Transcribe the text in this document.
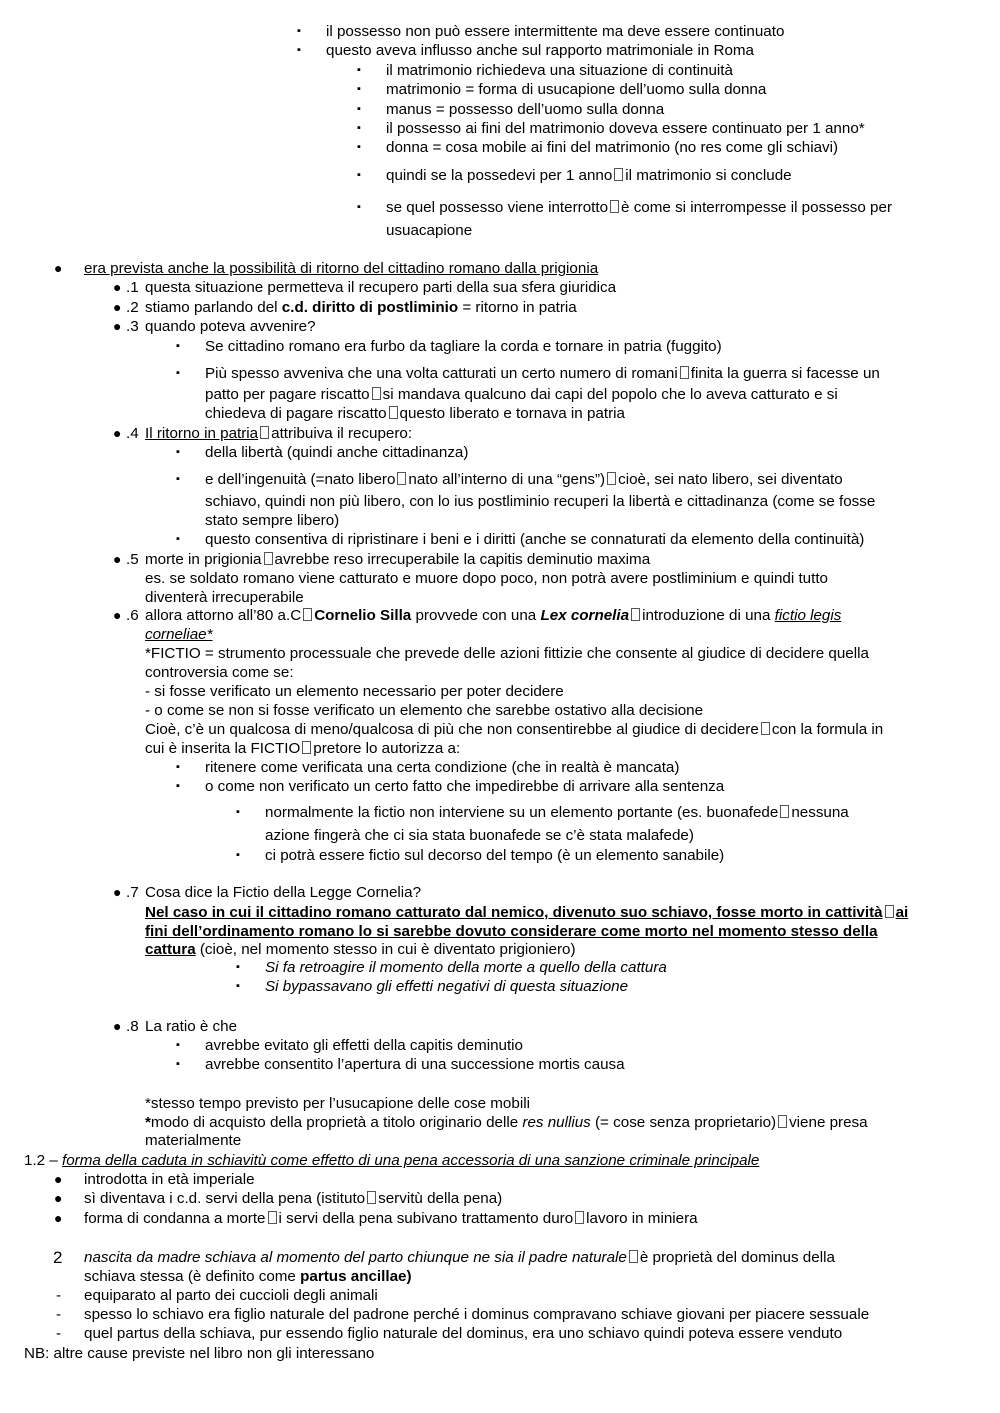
▪ il possesso non può essere intermittente ma deve essere continuato
▪ questo aveva influsso anche sul rapporto matrimoniale in Roma
▪ il matrimonio richiedeva una situazione di continuità
▪ matrimonio = forma di usucapione dell’uomo sulla donna
▪ manus = possesso dell’uomo sulla donna
▪ il possesso ai fini del matrimonio doveva essere continuato per 1 anno*
▪ donna = cosa mobile ai fini del matrimonio (no res come gli schiavi)
▪ quindi se la possedevi per 1 anno il matrimonio si conclude
▪ se quel possesso viene interrotto è come si interrompesse il possesso per
usuacapione
● era prevista anche la possibilità di ritorno del cittadino romano dalla prigionia
● .1 questa situazione permetteva il recupero parti della sua sfera giuridica
● .2 stiamo parlando del c.d. diritto di postliminio = ritorno in patria
● .3 quando poteva avvenire?
▪ Se cittadino romano era furbo da tagliare la corda e tornare in patria (fuggito)
▪ Più spesso avveniva che una volta catturati un certo numero di romani finita la guerra si facesse un
patto per pagare riscatto si mandava qualcuno dai capi del popolo che lo aveva catturato e si
chiedeva di pagare riscatto questo liberato e tornava in patria
● .4 Il ritorno in patria attribuiva il recupero:
▪ della libertà (quindi anche cittadinanza)
▪ e dell’ingenuità (=nato libero nato all’interno di una “gens”) cioè, sei nato libero, sei diventato
schiavo, quindi non più libero, con lo ius postliminio recuperi la libertà e cittadinanza (come se fosse
stato sempre libero)
▪ questo consentiva di ripristinare i beni e i diritti (anche se connaturati da elemento della continuità)
● .5 morte in prigionia avrebbe reso irrecuperabile la capitis deminutio maxima
es. se soldato romano viene catturato e muore dopo poco, non potrà avere postliminium e quindi tutto
diventerà irrecuperabile
● .6 allora attorno all’80 a.C Cornelio Silla provvede con una Lex cornelia introduzione di una fictio legis
corneliae*
*FICTIO = strumento processuale che prevede delle azioni fittizie che consente al giudice di decidere quella
controversia come se:
- si fosse verificato un elemento necessario per poter decidere
- o come se non si fosse verificato un elemento che sarebbe ostativo alla decisione
Cioè, c’è un qualcosa di meno/qualcosa di più che non consentirebbe al giudice di decidere con la formula in
cui è inserita la FICTIO pretore lo autorizza a:
▪ ritenere come verificata una certa condizione (che in realtà è mancata)
▪ o come non verificato un certo fatto che impedirebbe di arrivare alla sentenza
▪ normalmente la fictio non interviene su un elemento portante (es. buonafede nessuna
azione fingerà che ci sia stata buonafede se c’è stata malafede)
▪ ci potrà essere fictio sul decorso del tempo (è un elemento sanabile)
● .7 Cosa dice la Fictio della Legge Cornelia?
Nel caso in cui il cittadino romano catturato dal nemico, divenuto suo schiavo, fosse morto in cattività ai
fini dell’ordinamento romano lo si sarebbe dovuto considerare come morto nel momento stesso della
cattura (cioè, nel momento stesso in cui è diventato prigioniero)
▪ Si fa retroagire il momento della morte a quello della cattura
▪ Si bypassavano gli effetti negativi di questa situazione
● .8 La ratio è che
▪ avrebbe evitato gli effetti della capitis deminutio
▪ avrebbe consentito l’apertura di una successione mortis causa
*stesso tempo previsto per l’usucapione delle cose mobili
*modo di acquisto della proprietà a titolo originario delle res nullius (= cose senza proprietario) viene presa
materialmente
1.2 – forma della caduta in schiavitù come effetto di una pena accessoria di una sanzione criminale principale
● introdotta in età imperiale
● sì diventava i c.d. servi della pena (istituto servitù della pena)
● forma di condanna a morte i servi della pena subivano trattamento duro lavoro in miniera
2 nascita da madre schiava al momento del parto chiunque ne sia il padre naturale è proprietà del dominus della
schiava stessa (è definito come partus ancillae)
- equiparato al parto dei cuccioli degli animali
- spesso lo schiavo era figlio naturale del padrone perché i dominus compravano schiave giovani per piacere sessuale
- quel partus della schiava, pur essendo figlio naturale del dominus, era uno schiavo quindi poteva essere venduto
NB: altre cause previste nel libro non gli interessano
